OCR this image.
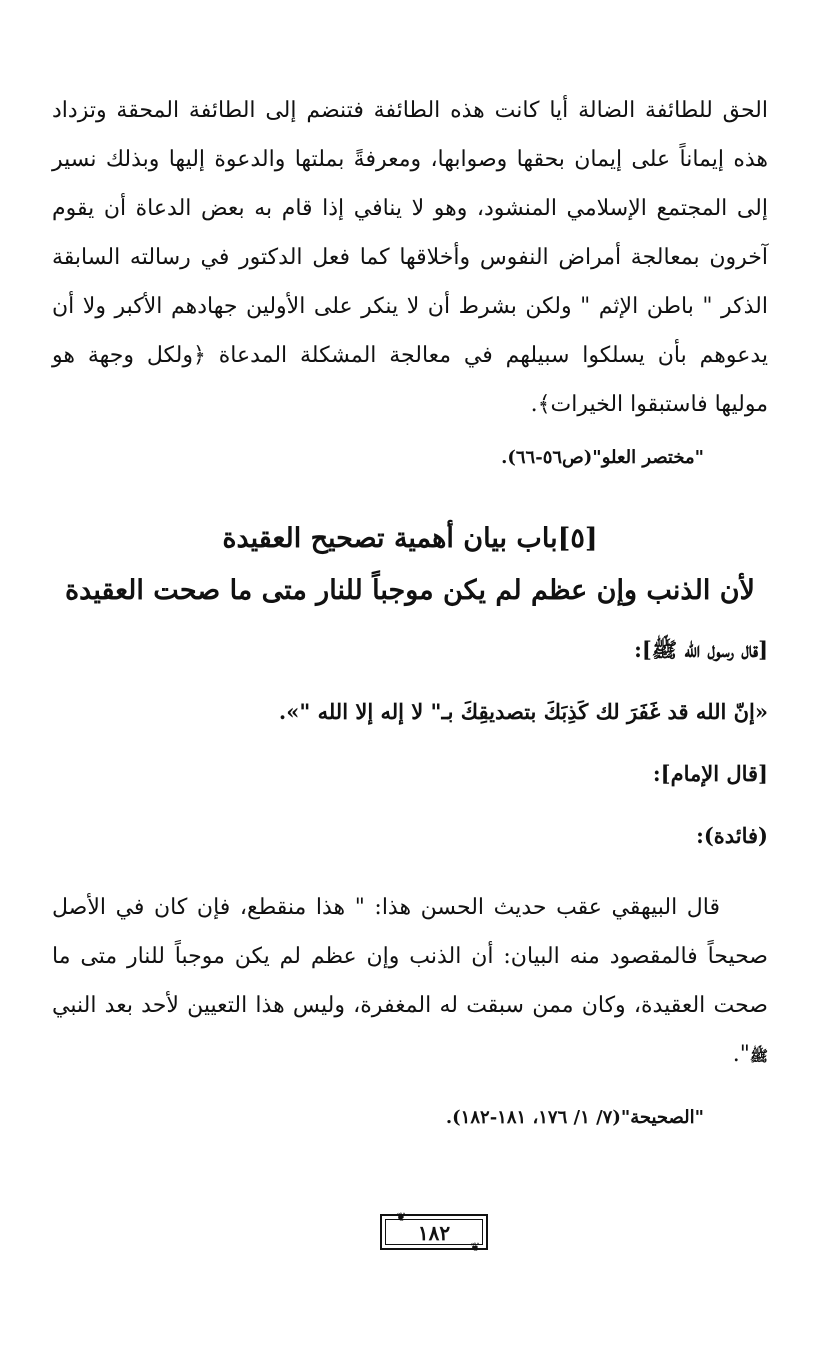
الحق للطائفة الضالة أيا كانت هذه الطائفة فتنضم إلى الطائفة المحقة وتزداد هذه إيماناً على إيمان بحقها وصوابها، ومعرفةً بملتها والدعوة إليها وبذلك نسير إلى المجتمع الإسلامي المنشود، وهو لا ينافي إذا قام به بعض الدعاة أن يقوم آخرون بمعالجة أمراض النفوس وأخلاقها كما فعل الدكتور في رسالته السابقة الذكر " باطن الإثم " ولكن بشرط أن لا ينكر على الأولين جهادهم الأكبر ولا أن يدعوهم بأن يسلكوا سبيلهم في معالجة المشكلة المدعاة ﴿ولكل وجهة هو موليها فاستبقوا الخيرات﴾.

"مختصر العلو"(ص٥٦-٦٦).

[٥]باب بيان أهمية تصحيح العقيدة
لأن الذنب وإن عظم لم يكن موجباً للنار متى ما صحت العقيدة

[قال رسول الله ﷺ]:

«إنّ الله قد غَفَرَ لك كَذِبَكَ بتصديقِكَ بـ" لا إله إلا الله "».

[قال الإمام]:

(فائدة):

قال البيهقي عقب حديث الحسن هذا: " هذا منقطع، فإن كان في الأصل صحيحاً فالمقصود منه البيان: أن الذنب وإن عظم لم يكن موجباً للنار متى ما صحت العقيدة، وكان ممن سبقت له المغفرة، وليس هذا التعيين لأحد بعد النبي ﷺ".

"الصحيحة"(٧/ ١/ ١٧٦، ١٨١-١٨٢).

❦
١٨٢
❦
